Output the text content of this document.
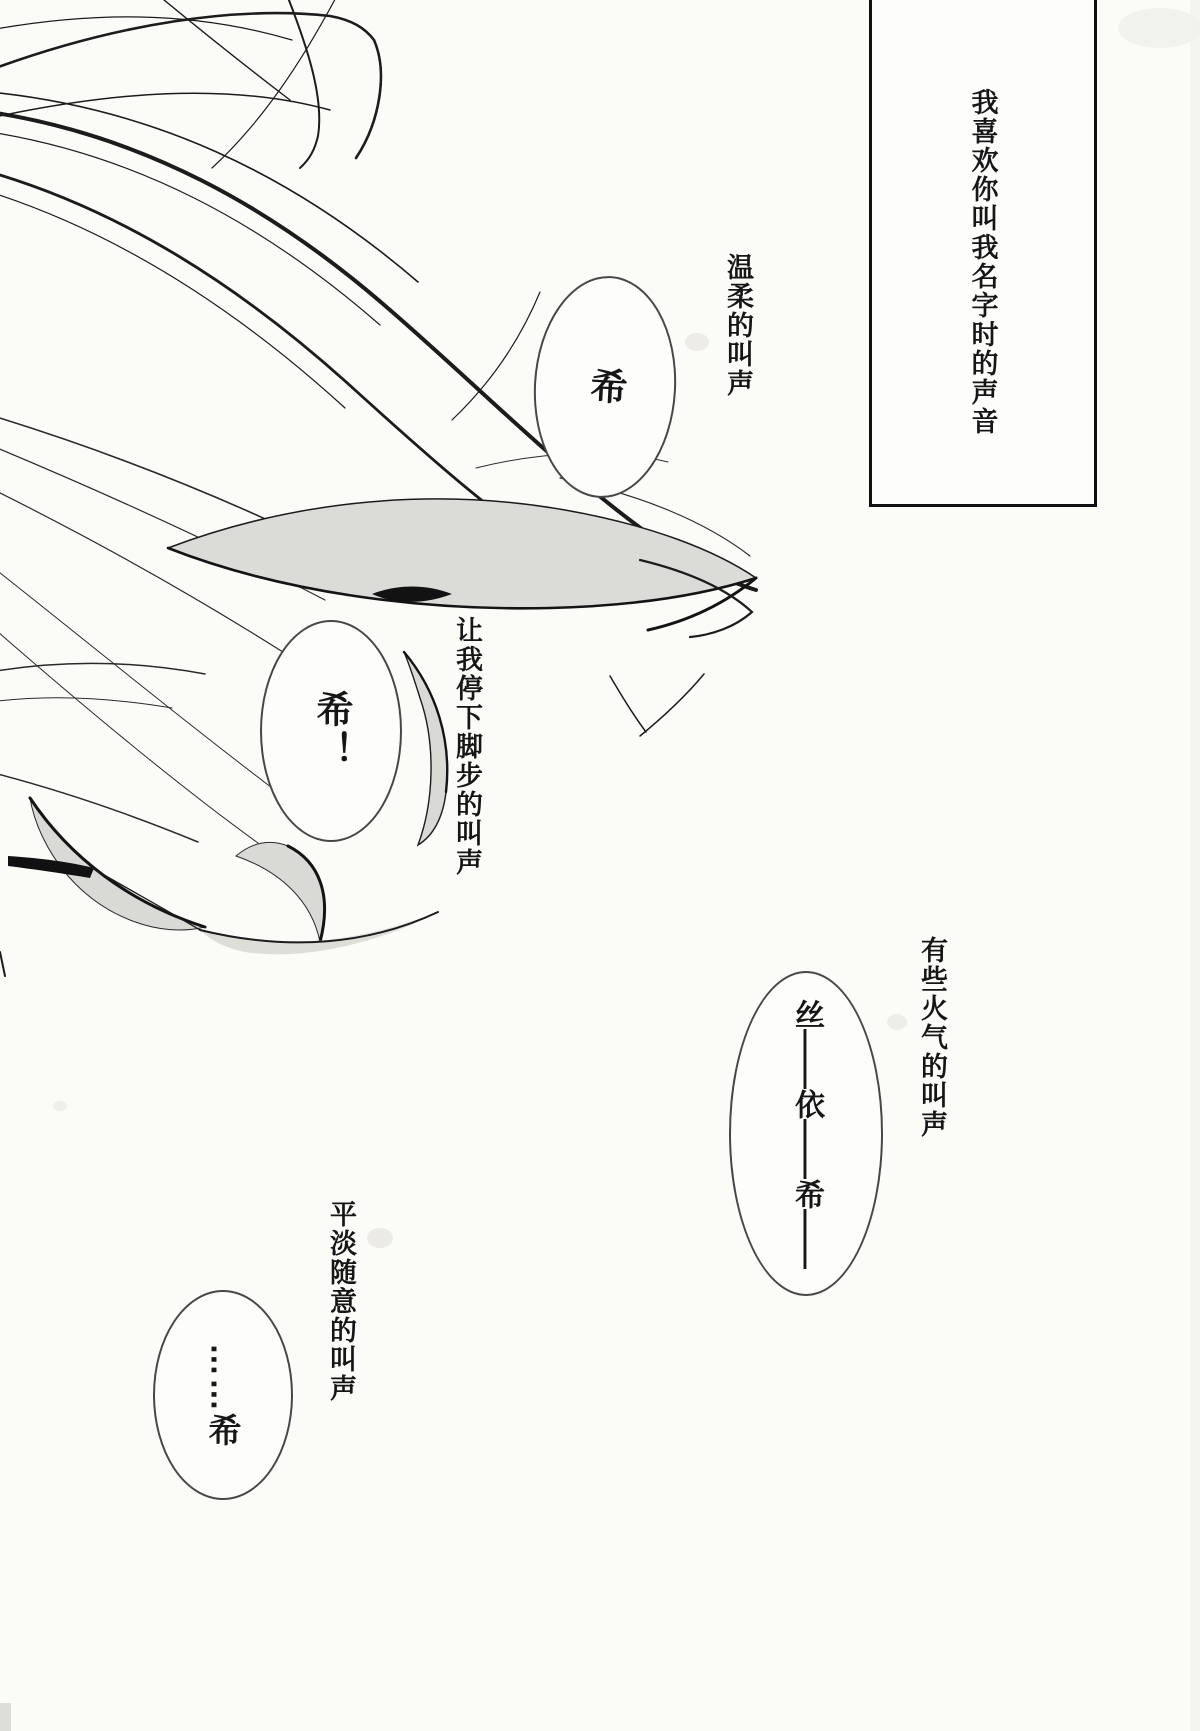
我喜欢你叫我名字时的声音
希	温柔的叫声
希！	让我停下脚步的叫声
丝——依——希——	有些火气的叫声
……希	平淡随意的叫声
